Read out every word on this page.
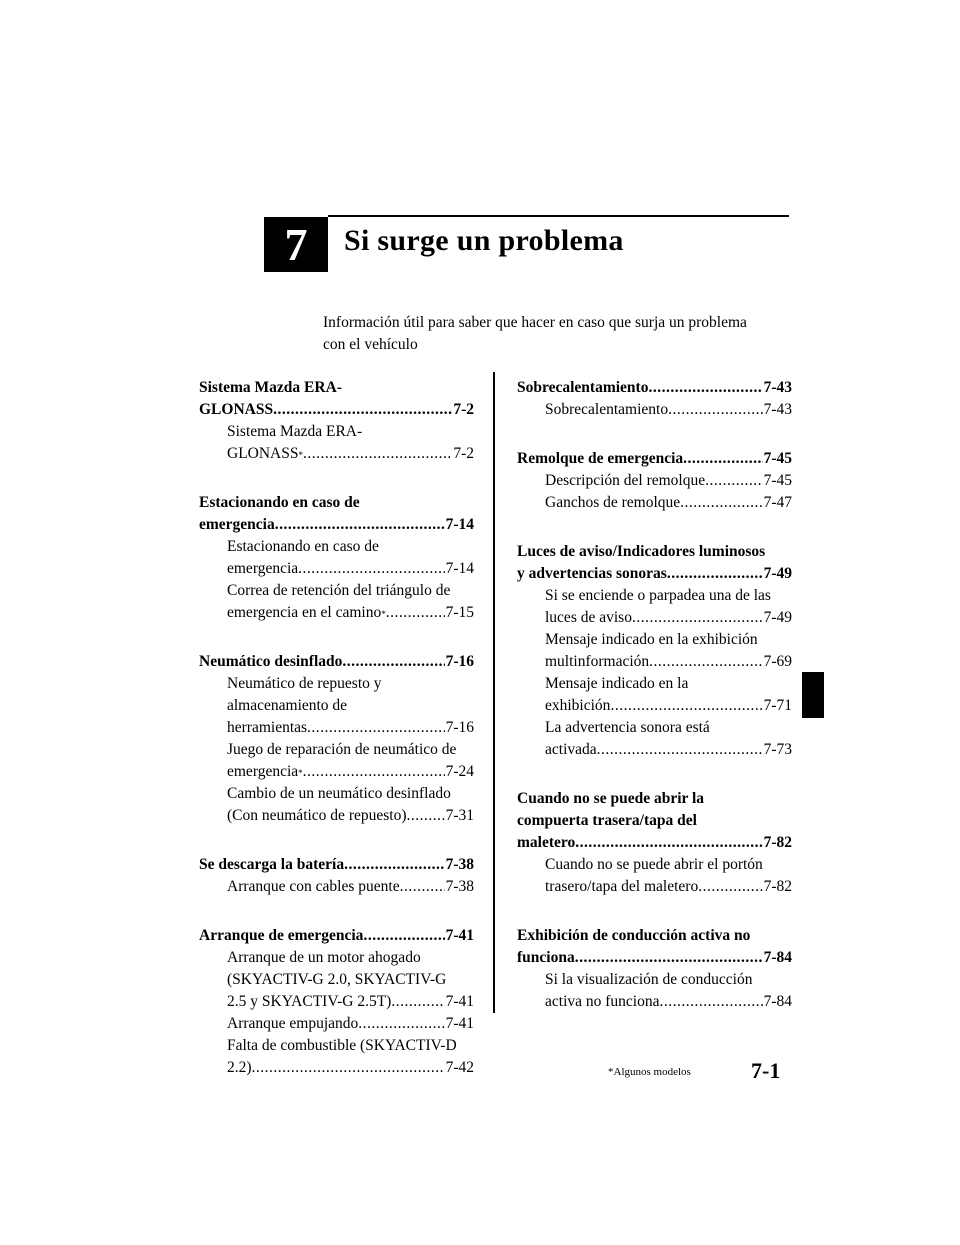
7 Si surge un problema
Información útil para saber que hacer en caso que surja un problema
con el vehículo
Sistema Mazda ERA-
GLONASS .....	7-2
Sistema Mazda ERA-
GLONASS * .....	7-2
Estacionando en caso de
emergencia .....	7-14
Estacionando en caso de
emergencia .....	7-14
Correa de retención del triángulo de
emergencia en el camino * .....	7-15
Neumático desinflado .....	7-16
Neumático de repuesto y
almacenamiento de
herramientas .....	7-16
Juego de reparación de neumático de
emergencia * .....	7-24
Cambio de un neumático desinflado
(Con neumático de repuesto) .....	7-31
Se descarga la batería .....	7-38
Arranque con cables puente .....	7-38
Arranque de emergencia .....	7-41
Arranque de un motor ahogado
(SKYACTIV-G 2.0, SKYACTIV-G
2.5 y SKYACTIV-G 2.5T) .....	7-41
Arranque empujando .....	7-41
Falta de combustible (SKYACTIV-D
2.2) .....	7-42
Sobrecalentamiento .....	7-43
Sobrecalentamiento .....	7-43
Remolque de emergencia .....	7-45
Descripción del remolque .....	7-45
Ganchos de remolque .....	7-47
Luces de aviso/Indicadores luminosos
y advertencias sonoras .....	7-49
Si se enciende o parpadea una de las
luces de aviso .....	7-49
Mensaje indicado en la exhibición
multinformación .....	7-69
Mensaje indicado en la
exhibición .....	7-71
La advertencia sonora está
activada .....	7-73
Cuando no se puede abrir la
compuerta trasera/tapa del
maletero .....	7-82
Cuando no se puede abrir el portón
trasero/tapa del maletero .....	7-82
Exhibición de conducción activa no
funciona .....	7-84
Si la visualización de conducción
activa no funciona .....	7-84
*Algunos modelos	7-1
